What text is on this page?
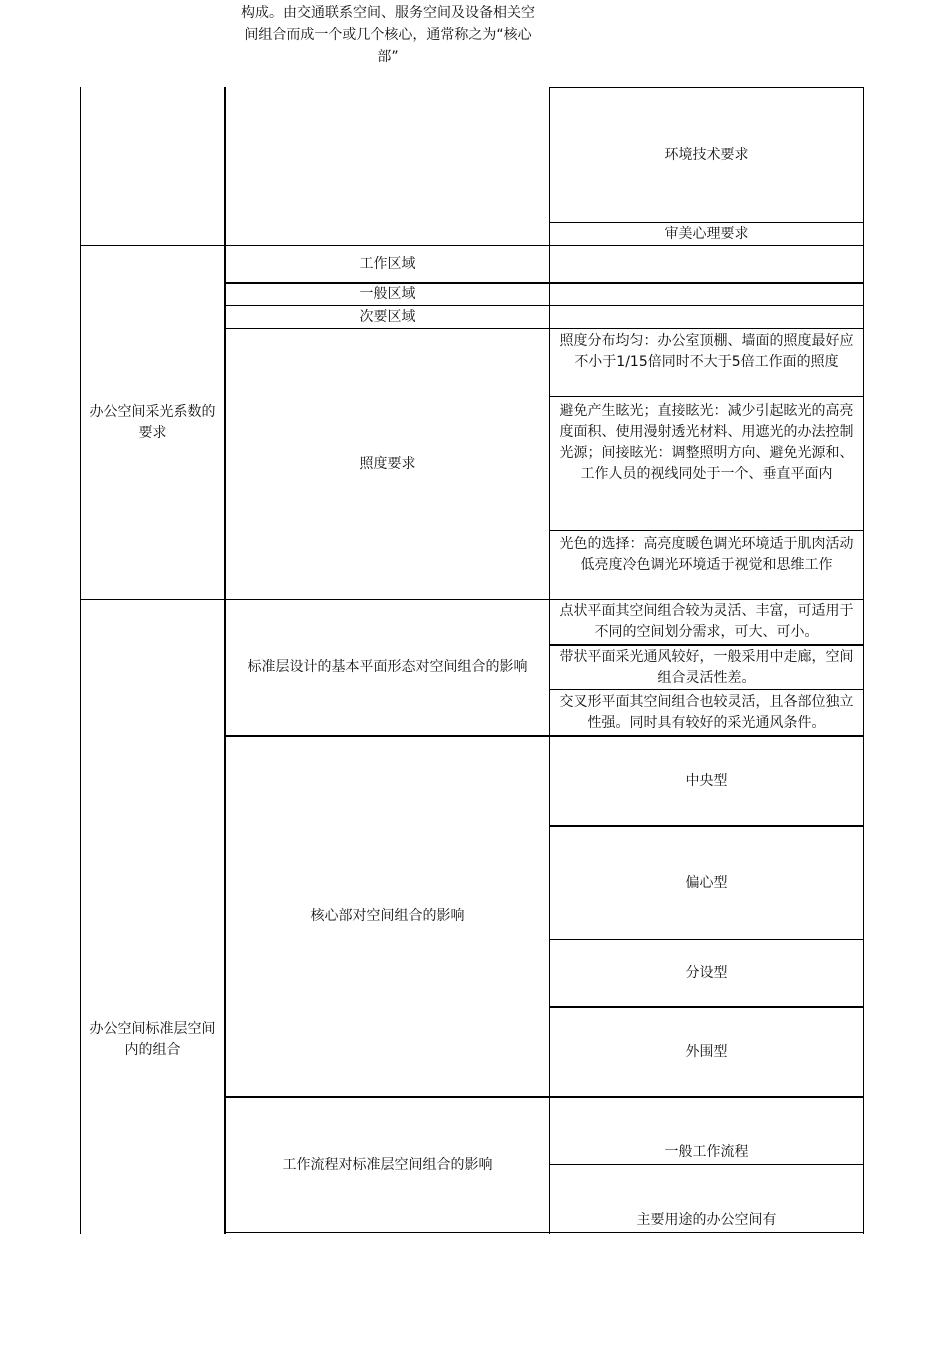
构成。由交通联系空间、服务空间及设备相关空
间组合而成一个或几个核心，通常称之为“核心
部”
环境技术要求
审美心理要求
办公空间采光系数的要求
工作区域
一般区域
次要区域
照度要求
照度分布均匀：办公室顶棚、墙面的照度最好应不小于1/15倍同时不大于5倍工作面的照度
避免产生眩光；直接眩光：减少引起眩光的高亮度面积、使用漫射透光材料、用遮光的办法控制光源；间接眩光：调整照明方向、避免光源和、工作人员的视线同处于一个、垂直平面内
光色的选择：高亮度暖色调光环境适于肌肉活动低亮度冷色调光环境适于视觉和思维工作
办公空间标准层空间内的组合
标准层设计的基本平面形态对空间组合的影响
点状平面其空间组合较为灵活、丰富，可适用于不同的空间划分需求，可大、可小。
带状平面采光通风较好，一般采用中走廊，空间组合灵活性差。
交叉形平面其空间组合也较灵活，且各部位独立性强。同时具有较好的采光通风条件。
核心部对空间组合的影响
中央型
偏心型
分设型
外围型
工作流程对标准层空间组合的影响
一般工作流程
主要用途的办公空间有
